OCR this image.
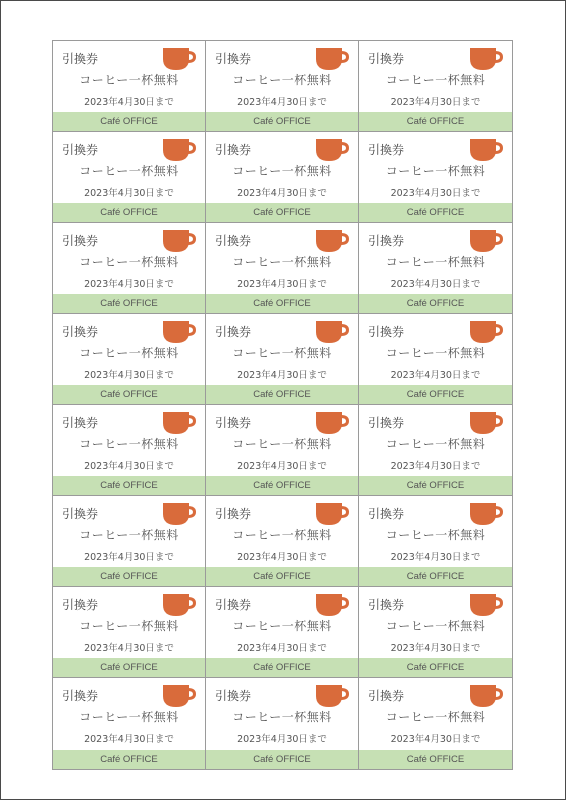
引換券
コーヒー一杯無料
2023年4月30日まで
Café OFFICE
引換券
コーヒー一杯無料
2023年4月30日まで
Café OFFICE
引換券
コーヒー一杯無料
2023年4月30日まで
Café OFFICE
引換券
コーヒー一杯無料
2023年4月30日まで
Café OFFICE
引換券
コーヒー一杯無料
2023年4月30日まで
Café OFFICE
引換券
コーヒー一杯無料
2023年4月30日まで
Café OFFICE
引換券
コーヒー一杯無料
2023年4月30日まで
Café OFFICE
引換券
コーヒー一杯無料
2023年4月30日まで
Café OFFICE
引換券
コーヒー一杯無料
2023年4月30日まで
Café OFFICE
引換券
コーヒー一杯無料
2023年4月30日まで
Café OFFICE
引換券
コーヒー一杯無料
2023年4月30日まで
Café OFFICE
引換券
コーヒー一杯無料
2023年4月30日まで
Café OFFICE
引換券
コーヒー一杯無料
2023年4月30日まで
Café OFFICE
引換券
コーヒー一杯無料
2023年4月30日まで
Café OFFICE
引換券
コーヒー一杯無料
2023年4月30日まで
Café OFFICE
引換券
コーヒー一杯無料
2023年4月30日まで
Café OFFICE
引換券
コーヒー一杯無料
2023年4月30日まで
Café OFFICE
引換券
コーヒー一杯無料
2023年4月30日まで
Café OFFICE
引換券
コーヒー一杯無料
2023年4月30日まで
Café OFFICE
引換券
コーヒー一杯無料
2023年4月30日まで
Café OFFICE
引換券
コーヒー一杯無料
2023年4月30日まで
Café OFFICE
引換券
コーヒー一杯無料
2023年4月30日まで
Café OFFICE
引換券
コーヒー一杯無料
2023年4月30日まで
Café OFFICE
引換券
コーヒー一杯無料
2023年4月30日まで
Café OFFICE
